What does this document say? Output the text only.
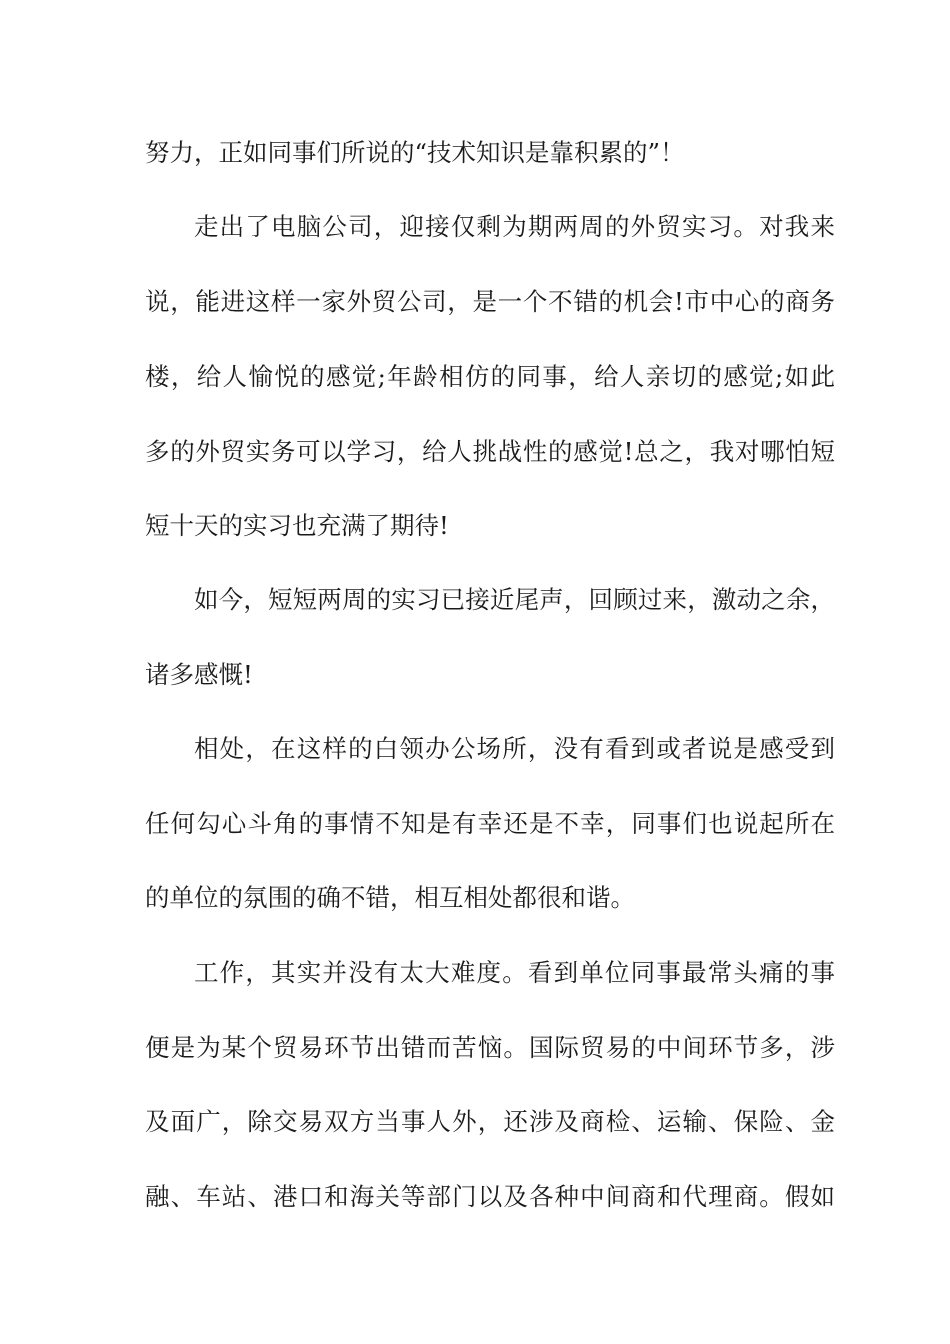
努力，正如同事们所说的“技术知识是靠积累的”！
走出了电脑公司，迎接仅剩为期两周的外贸实习。对我来
说，能进这样一家外贸公司，是一个不错的机会!市中心的商务
楼，给人愉悦的感觉;年龄相仿的同事，给人亲切的感觉;如此
多的外贸实务可以学习，给人挑战性的感觉!总之，我对哪怕短
短十天的实习也充满了期待!
如今，短短两周的实习已接近尾声，回顾过来，激动之余，
诸多感慨!
相处，在这样的白领办公场所，没有看到或者说是感受到
任何勾心斗角的事情不知是有幸还是不幸，同事们也说起所在
的单位的氛围的确不错，相互相处都很和谐。
工作，其实并没有太大难度。看到单位同事最常头痛的事
便是为某个贸易环节出错而苦恼。国际贸易的中间环节多，涉
及面广，除交易双方当事人外，还涉及商检、运输、保险、金
融、车站、港口和海关等部门以及各种中间商和代理商。假如
